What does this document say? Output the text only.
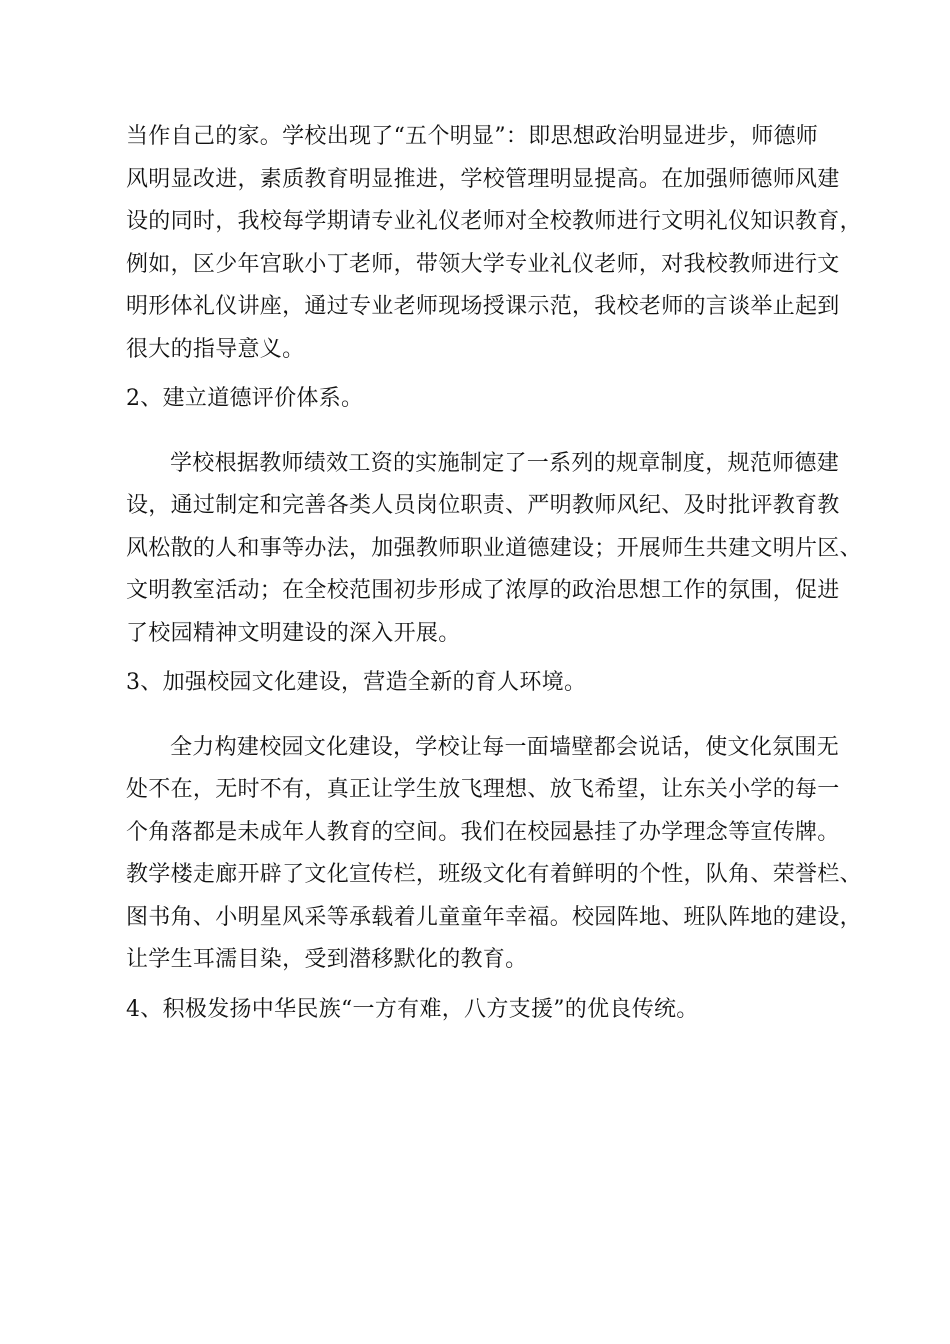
当作自己的家。学校出现了“五个明显”：即思想政治明显进步，师德师
风明显改进，素质教育明显推进，学校管理明显提高。在加强师德师风建
设的同时，我校每学期请专业礼仪老师对全校教师进行文明礼仪知识教育，
例如，区少年宫耿小丁老师，带领大学专业礼仪老师，对我校教师进行文
明形体礼仪讲座，通过专业老师现场授课示范，我校老师的言谈举止起到
很大的指导意义。

2、建立道德评价体系。

学校根据教师绩效工资的实施制定了一系列的规章制度，规范师德建
设，通过制定和完善各类人员岗位职责、严明教师风纪、及时批评教育教
风松散的人和事等办法，加强教师职业道德建设；开展师生共建文明片区、
文明教室活动；在全校范围初步形成了浓厚的政治思想工作的氛围，促进
了校园精神文明建设的深入开展。

3、加强校园文化建设，营造全新的育人环境。

全力构建校园文化建设，学校让每一面墙壁都会说话，使文化氛围无
处不在，无时不有，真正让学生放飞理想、放飞希望，让东关小学的每一
个角落都是未成年人教育的空间。我们在校园悬挂了办学理念等宣传牌。
教学楼走廊开辟了文化宣传栏，班级文化有着鲜明的个性，队角、荣誉栏、
图书角、小明星风采等承载着儿童童年幸福。校园阵地、班队阵地的建设，
让学生耳濡目染，受到潜移默化的教育。

4、积极发扬中华民族“一方有难，八方支援”的优良传统。
